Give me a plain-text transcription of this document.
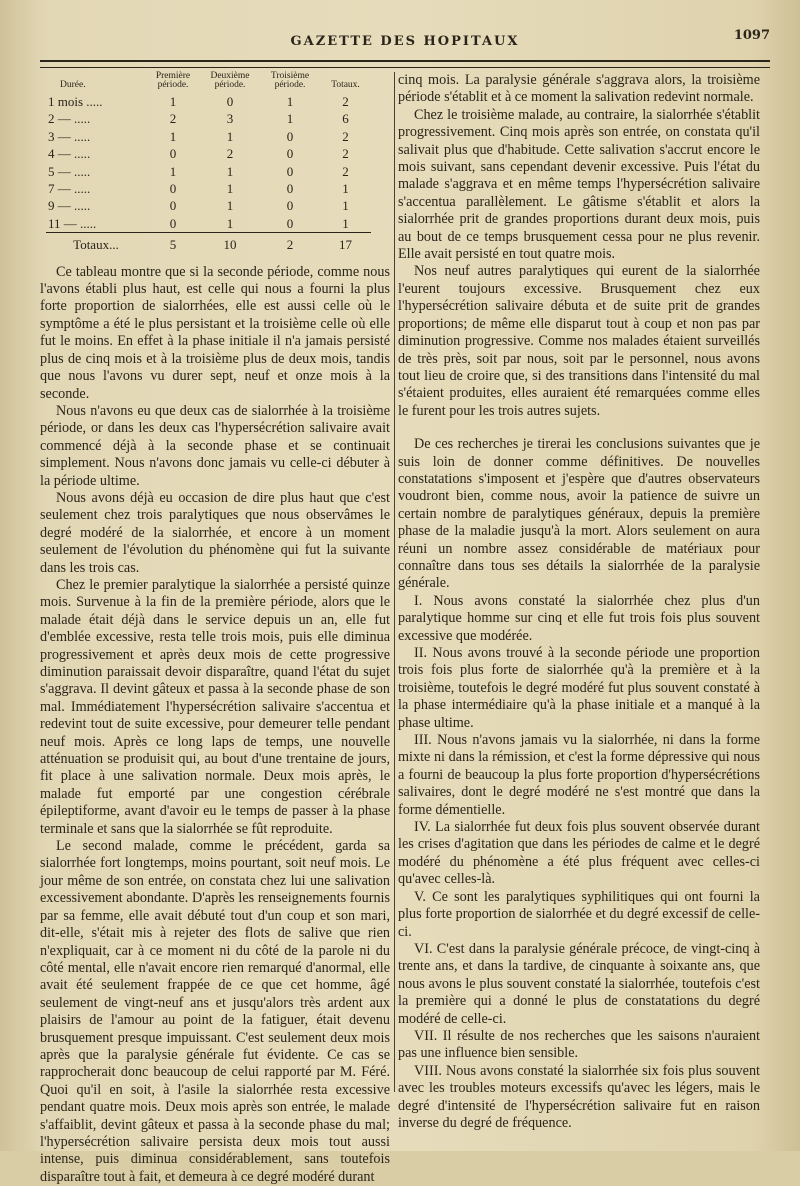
GAZETTE DES HOPITAUX	1097
Durée.	Première période.	Deuxième période.	Troisième période.	Totaux.
1 mois .....	1	0	1	2
2 — .....	2	3	1	6
3 — .....	1	1	0	2
4 — .....	0	2	0	2
5 — .....	1	1	0	2
7 — .....	0	1	0	1
9 — .....	0	1	0	1
11 — .....	0	1	0	1
Totaux...	5	10	2	17

Ce tableau montre que si la seconde période, comme nous l'avons établi plus haut, est celle qui nous a fourni la plus forte proportion de sialorrhées, elle est aussi celle où le symptôme a été le plus persistant et la troisième celle où elle fut le moins. En effet à la phase initiale il n'a jamais persisté plus de cinq mois et à la troisième plus de deux mois, tandis que nous l'avons vu durer sept, neuf et onze mois à la seconde.

Nous n'avons eu que deux cas de sialorrhée à la troisième période, or dans les deux cas l'hypersécrétion salivaire avait commencé déjà à la seconde phase et se continuait simplement. Nous n'avons donc jamais vu celle-ci débuter à la période ultime.

Nous avons déjà eu occasion de dire plus haut que c'est seulement chez trois paralytiques que nous observâmes le degré modéré de la sialorrhée, et encore à un moment seulement de l'évolution du phénomène qui fut la suivante dans les trois cas.

Chez le premier paralytique la sialorrhée a persisté quinze mois. Survenue à la fin de la première période, alors que le malade était déjà dans le service depuis un an, elle fut d'emblée excessive, resta telle trois mois, puis elle diminua progressivement et après deux mois de cette progressive diminution paraissait devoir disparaître, quand l'état du sujet s'aggrava. Il devint gâteux et passa à la seconde phase de son mal. Immédiatement l'hypersécrétion salivaire s'accentua et redevint tout de suite excessive, pour demeurer telle pendant neuf mois. Après ce long laps de temps, une nouvelle atténuation se produisit qui, au bout d'une trentaine de jours, fit place à une salivation normale. Deux mois après, le malade fut emporté par une congestion cérébrale épileptiforme, avant d'avoir eu le temps de passer à la phase terminale et sans que la sialorrhée se fût reproduite.

Le second malade, comme le précédent, garda sa sialorrhée fort longtemps, moins pourtant, soit neuf mois. Le jour même de son entrée, on constata chez lui une salivation excessivement abondante. D'après les renseignements fournis par sa femme, elle avait débuté tout d'un coup et son mari, dit-elle, s'était mis à rejeter des flots de salive que rien n'expliquait, car à ce moment ni du côté de la parole ni du côté mental, elle n'avait encore rien remarqué d'anormal, elle avait été seulement frappée de ce que cet homme, âgé seulement de vingt-neuf ans et jusqu'alors très ardent aux plaisirs de l'amour au point de la fatiguer, était devenu brusquement presque impuissant. C'est seulement deux mois après que la paralysie générale fut évidente. Ce cas se rapprocherait donc beaucoup de celui rapporté par M. Féré. Quoi qu'il en soit, à l'asile la sialorrhée resta excessive pendant quatre mois. Deux mois après son entrée, le malade s'affaiblit, devint gâteux et passa à la seconde phase du mal; l'hypersécrétion salivaire persista deux mois tout aussi intense, puis diminua considérablement, sans toutefois disparaître tout à fait, et demeura à ce degré modéré durant

cinq mois. La paralysie générale s'aggrava alors, la troisième période s'établit et à ce moment la salivation redevint normale.

Chez le troisième malade, au contraire, la sialorrhée s'établit progressivement. Cinq mois après son entrée, on constata qu'il salivait plus que d'habitude. Cette salivation s'accrut encore le mois suivant, sans cependant devenir excessive. Puis l'état du malade s'aggrava et en même temps l'hypersécrétion salivaire s'accentua parallèlement. Le gâtisme s'établit et alors la sialorrhée prit de grandes proportions durant deux mois, puis au bout de ce temps brusquement cessa pour ne plus revenir. Elle avait persisté en tout quatre mois.

Nos neuf autres paralytiques qui eurent de la sialorrhée l'eurent toujours excessive. Brusquement chez eux l'hypersécrétion salivaire débuta et de suite prit de grandes proportions; de même elle disparut tout à coup et non pas par diminution progressive. Comme nos malades étaient surveillés de très près, soit par nous, soit par le personnel, nous avons tout lieu de croire que, si des transitions dans l'intensité du mal s'étaient produites, elles auraient été remarquées comme elles le furent pour les trois autres sujets.

De ces recherches je tirerai les conclusions suivantes que je suis loin de donner comme définitives. De nouvelles constatations s'imposent et j'espère que d'autres observateurs voudront bien, comme nous, avoir la patience de suivre un certain nombre de paralytiques généraux, depuis la première phase de la maladie jusqu'à la mort. Alors seulement on aura réuni un nombre assez considérable de matériaux pour connaître dans tous ses détails la sialorrhée de la paralysie générale.

I. Nous avons constaté la sialorrhée chez plus d'un paralytique homme sur cinq et elle fut trois fois plus souvent excessive que modérée.

II. Nous avons trouvé à la seconde période une proportion trois fois plus forte de sialorrhée qu'à la première et à la troisième, toutefois le degré modéré fut plus souvent constaté à la phase intermédiaire qu'à la phase initiale et a manqué à la phase ultime.

III. Nous n'avons jamais vu la sialorrhée, ni dans la forme mixte ni dans la rémission, et c'est la forme dépressive qui nous a fourni de beaucoup la plus forte proportion d'hypersécrétions salivaires, dont le degré modéré ne s'est montré que dans la forme démentielle.

IV. La sialorrhée fut deux fois plus souvent observée durant les crises d'agitation que dans les périodes de calme et le degré modéré du phénomène a été plus fréquent avec celles-ci qu'avec celles-là.

V. Ce sont les paralytiques syphilitiques qui ont fourni la plus forte proportion de sialorrhée et du degré excessif de celle-ci.

VI. C'est dans la paralysie générale précoce, de vingt-cinq à trente ans, et dans la tardive, de cinquante à soixante ans, que nous avons le plus souvent constaté la sialorrhée, toutefois c'est la première qui a donné le plus de constatations du degré modéré de celle-ci.

VII. Il résulte de nos recherches que les saisons n'auraient pas une influence bien sensible.

VIII. Nous avons constaté la sialorrhée six fois plus souvent avec les troubles moteurs excessifs qu'avec les légers, mais le degré d'intensité de l'hypersécrétion salivaire fut en raison inverse du degré de fréquence.
